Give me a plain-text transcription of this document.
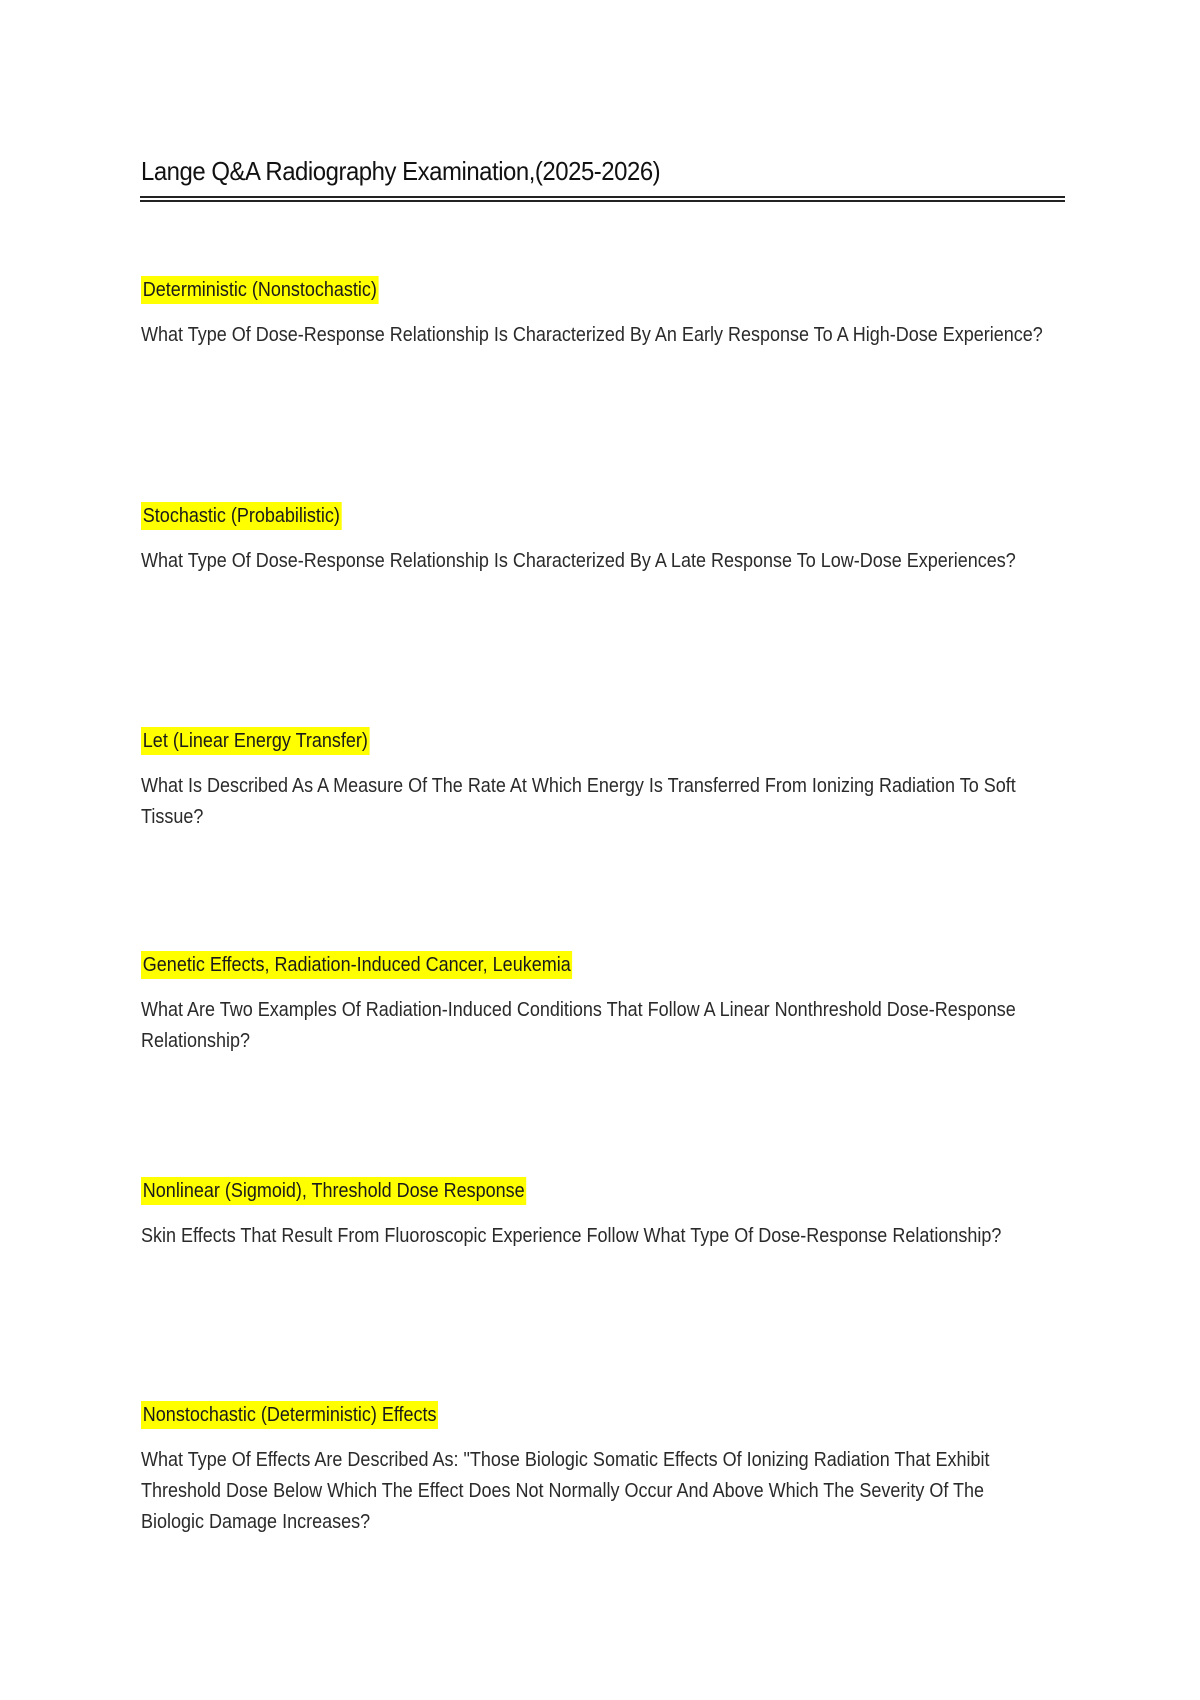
Lange Q&A Radiography Examination,(2025-2026)
Deterministic (Nonstochastic)
What Type Of Dose-Response Relationship Is Characterized By An Early Response To A High-Dose Experience?
Stochastic (Probabilistic)
What Type Of Dose-Response Relationship Is Characterized By A Late Response To Low-Dose Experiences?
Let (Linear Energy Transfer)
What Is Described As A Measure Of The Rate At Which Energy Is Transferred From Ionizing Radiation To Soft Tissue?
Genetic Effects, Radiation-Induced Cancer, Leukemia
What Are Two Examples Of Radiation-Induced Conditions That Follow A Linear Nonthreshold Dose-Response Relationship?
Nonlinear (Sigmoid), Threshold Dose Response
Skin Effects That Result From Fluoroscopic Experience Follow What Type Of Dose-Response Relationship?
Nonstochastic (Deterministic) Effects
What Type Of Effects Are Described As: "Those Biologic Somatic Effects Of Ionizing Radiation That Exhibit Threshold Dose Below Which The Effect Does Not Normally Occur And Above Which The Severity Of The Biologic Damage Increases?
